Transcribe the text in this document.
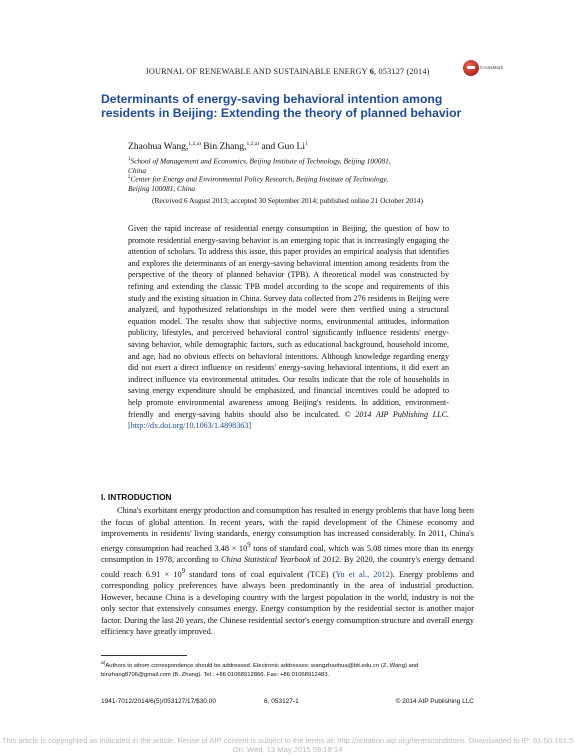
JOURNAL OF RENEWABLE AND SUSTAINABLE ENERGY 6, 053127 (2014)	CrossMark
Determinants of energy-saving behavioral intention among residents in Beijing: Extending the theory of planned behavior
Zhaohua Wang,$^{1,2,a)}$ Bin Zhang,$^{1,2,a)}$ and Guo Li$^1$
$^1$School of Management and Economics, Beijing Institute of Technology, Beijing 100081,
China
$^2$Center for Energy and Environmental Policy Research, Beijing Institute of Technology,
Beijing 100081, China
(Received 6 August 2013; accepted 30 September 2014; published online 21 October 2014)
Given the rapid increase of residential energy consumption in Beijing, the question of how to promote residential energy-saving behavior is an emerging topic that is increasingly engaging the attention of scholars. To address this issue, this paper provides an empirical analysis that identifies and explores the determinants of an energy-saving behavioral intention among residents from the perspective of the theory of planned behavior (TPB). A theoretical model was constructed by refining and extending the classic TPB model according to the scope and requirements of this study and the existing situation in China. Survey data collected from 276 residents in Beijing were analyzed, and hypothesized relationships in the model were then verified using a structural equation model. The results show that subjective norms, environmental attitudes, information publicity, lifestyles, and perceived behavioral control significantly influence residents' energy-saving behavior, while demographic factors, such as educational background, household income, and age, had no obvious effects on behavioral intentions. Although knowledge regarding energy did not exert a direct influence on residents' energy-saving behavioral intentions, it did exert an indirect influence via environmental attitudes. Our results indicate that the role of households in saving energy expenditure should be emphasized, and financial incentives could be adopted to help promote environmental awareness among Beijing's residents. In addition, environment-friendly and energy-saving habits should also be inculcated. © 2014 AIP Publishing LLC. [http://dx.doi.org/10.1063/1.4898363]
I. INTRODUCTION
China's exorbitant energy production and consumption has resulted in energy problems that have long been the focus of global attention. In recent years, with the rapid development of the Chinese economy and improvements in residents' living standards, energy consumption has increased considerably. In 2011, China's energy consumption had reached $3.48 \times 10^9$ tons of standard coal, which was 5.08 times more than its energy consumption in 1978, according to China Statistical Yearbook of 2012. By 2020, the country's energy demand could reach $6.91 \times 10^9$ standard tons of coal equivalent (TCE) (Yu et al., 2012). Energy problems and corresponding policy preferences have always been predominantly in the area of industrial production. However, because China is a developing country with the largest population in the world, industry is not the only sector that extensively consumes energy. Energy consumption by the residential sector is another major factor. During the last 20 years, the Chinese residential sector's energy consumption structure and overall energy efficiency have greatly improved.
$^{a)}$Authors to whom correspondence should be addressed. Electronic addresses: wangzhaohua@bit.edu.cn (Z. Wang) and binzhang8706@gmail.com (B. Zhang). Tel.: +86 01068912866. Fax: +86 01068912483.
1941-7012/2014/6(5)/053127/17/$30.00	6, 053127-1	© 2014 AIP Publishing LLC
This article is copyrighted as indicated in the article. Reuse of AIP content is subject to the terms at: http://scitation.aip.org/termsconditions. Downloaded to IP: 61.50.161.5
On: Wed, 13 May 2015 09:19:14
